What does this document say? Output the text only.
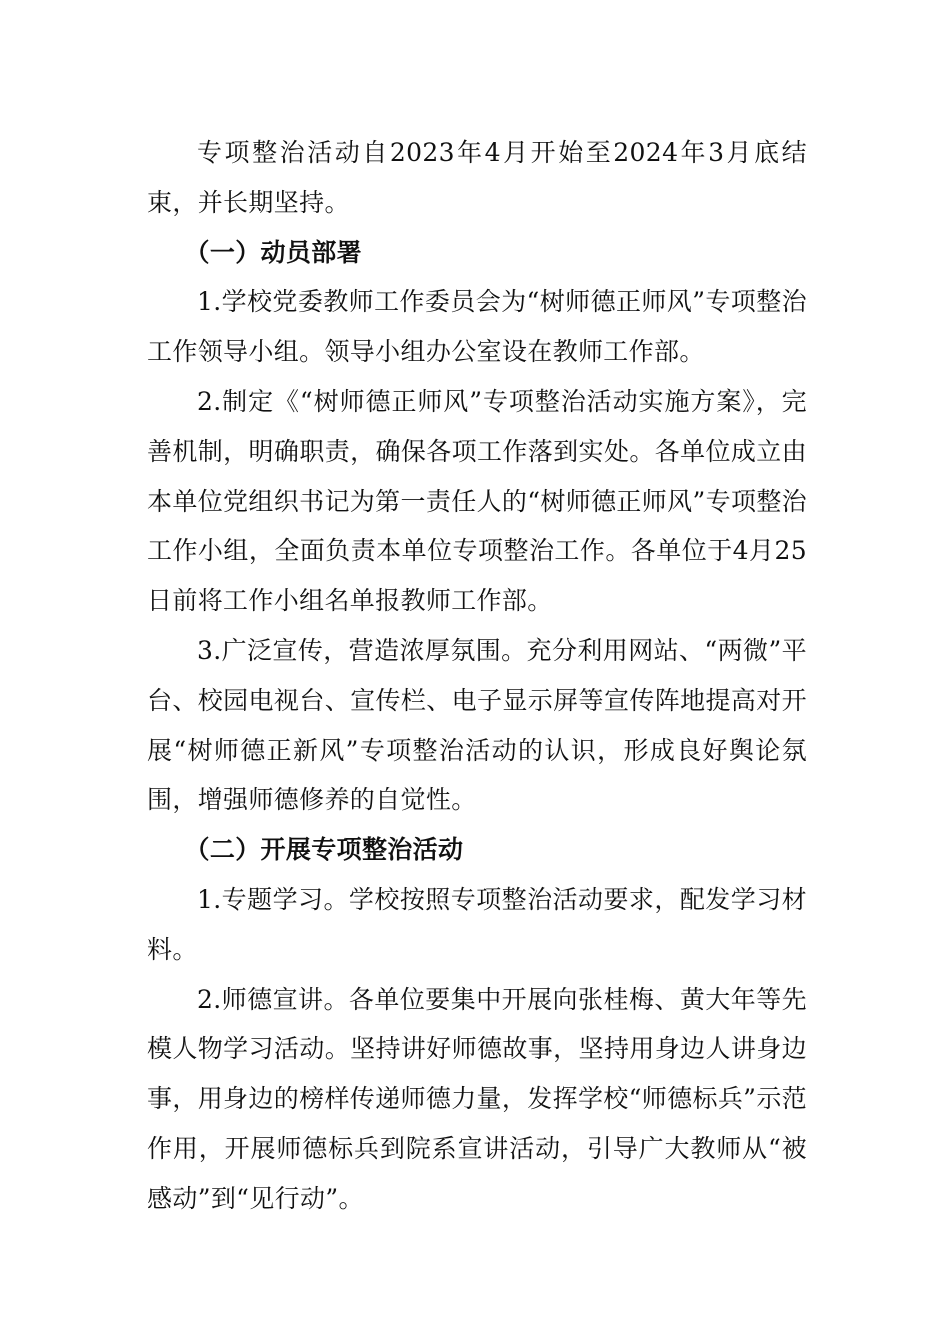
专项整治活动自2023年4月开始至2024年3月底结束，并长期坚持。

（一）动员部署

1.学校党委教师工作委员会为“树师德正师风”专项整治工作领导小组。领导小组办公室设在教师工作部。

2.制定《“树师德正师风”专项整治活动实施方案》，完善机制，明确职责，确保各项工作落到实处。各单位成立由本单位党组织书记为第一责任人的“树师德正师风”专项整治工作小组，全面负责本单位专项整治工作。各单位于4月25日前将工作小组名单报教师工作部。

3.广泛宣传，营造浓厚氛围。充分利用网站、“两微”平台、校园电视台、宣传栏、电子显示屏等宣传阵地提高对开展“树师德正新风”专项整治活动的认识，形成良好舆论氛围，增强师德修养的自觉性。

（二）开展专项整治活动

1.专题学习。学校按照专项整治活动要求，配发学习材料。

2.师德宣讲。各单位要集中开展向张桂梅、黄大年等先模人物学习活动。坚持讲好师德故事，坚持用身边人讲身边事，用身边的榜样传递师德力量，发挥学校“师德标兵”示范作用，开展师德标兵到院系宣讲活动，引导广大教师从“被感动”到“见行动”。
